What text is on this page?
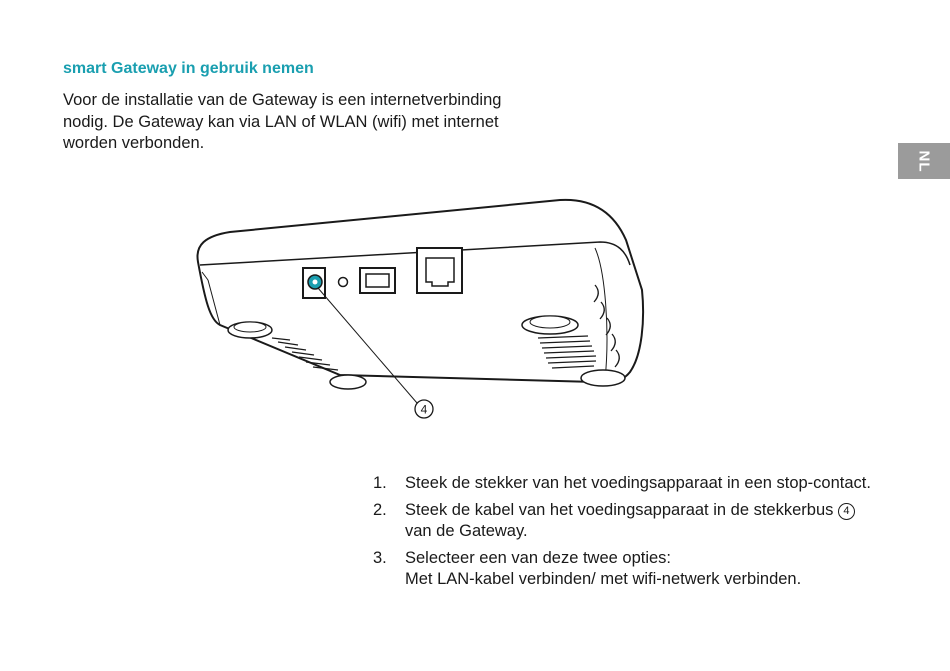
smart Gateway in gebruik nemen

Voor de installatie van de Gateway is een internetverbinding nodig. De Gateway kan via LAN of WLAN (wifi) met internet worden verbonden.

NL
4
1. Steek de stekker van het voedingsapparaat in een stop-contact.
2. Steek de kabel van het voedingsapparaat in de stekkerbus 4
van de Gateway.
3. Selecteer een van deze twee opties:
Met LAN-kabel verbinden/ met wifi-netwerk verbinden.
